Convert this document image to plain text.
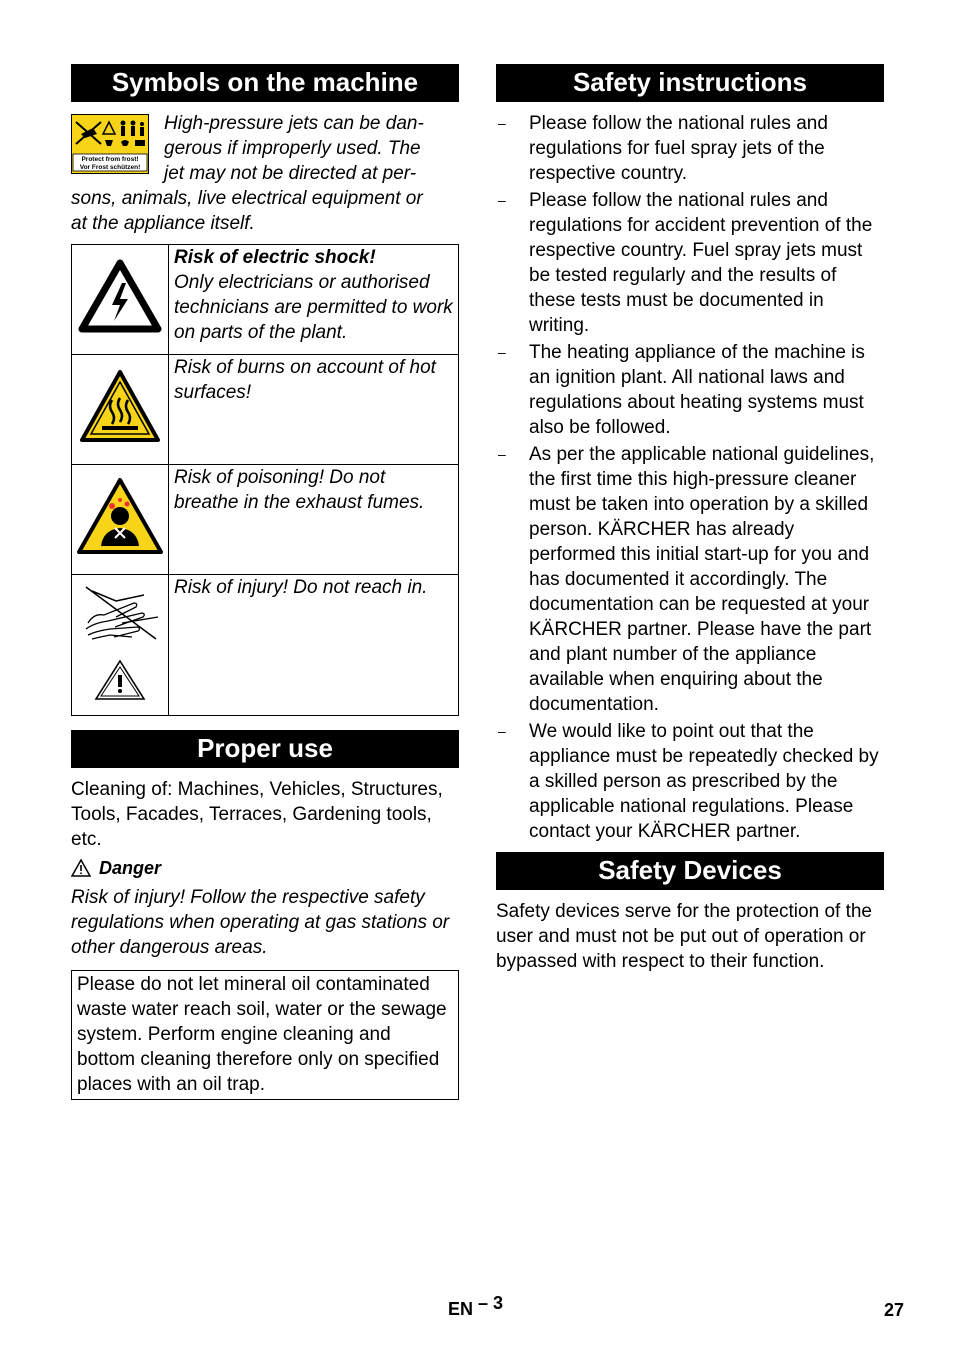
Symbols on the machine
Protect from frost!
Vor Frost schützen!

High-pressure jets can be dan-
gerous if improperly used. The
jet may not be directed at per-
sons, animals, live electrical equipment or
at the appliance itself.

Risk of electric shock!
Only electricians or authorised technicians are permitted to work on parts of the plant.

Risk of burns on account of hot surfaces!

Risk of poisoning! Do not breathe in the exhaust fumes.

Risk of injury! Do not reach in.
Proper use

Cleaning of: Machines, Vehicles, Structures, Tools, Facades, Terraces, Gardening tools, etc.

Danger

Risk of injury! Follow the respective safety regulations when operating at gas stations or other dangerous areas.

Please do not let mineral oil contaminated waste water reach soil, water or the sewage system. Perform engine cleaning and bottom cleaning therefore only on specified places with an oil trap.

Safety instructions
– Please follow the national rules and regulations for fuel spray jets of the respective country.
– Please follow the national rules and regulations for accident prevention of the respective country. Fuel spray jets must be tested regularly and the results of these tests must be documented in writing.
– The heating appliance of the machine is an ignition plant. All national laws and regulations about heating systems must also be followed.
– As per the applicable national guidelines, the first time this high-pressure cleaner must be taken into operation by a skilled person. KÄRCHER has already performed this initial start-up for you and has documented it accordingly. The documentation can be requested at your KÄRCHER partner. Please have the part and plant number of the appliance available when enquiring about the documentation.
– We would like to point out that the appliance must be repeatedly checked by a skilled person as prescribed by the applicable national regulations. Please contact your KÄRCHER partner.
Safety Devices

Safety devices serve for the protection of the user and must not be put out of operation or bypassed with respect to their function.

EN – 3	27
